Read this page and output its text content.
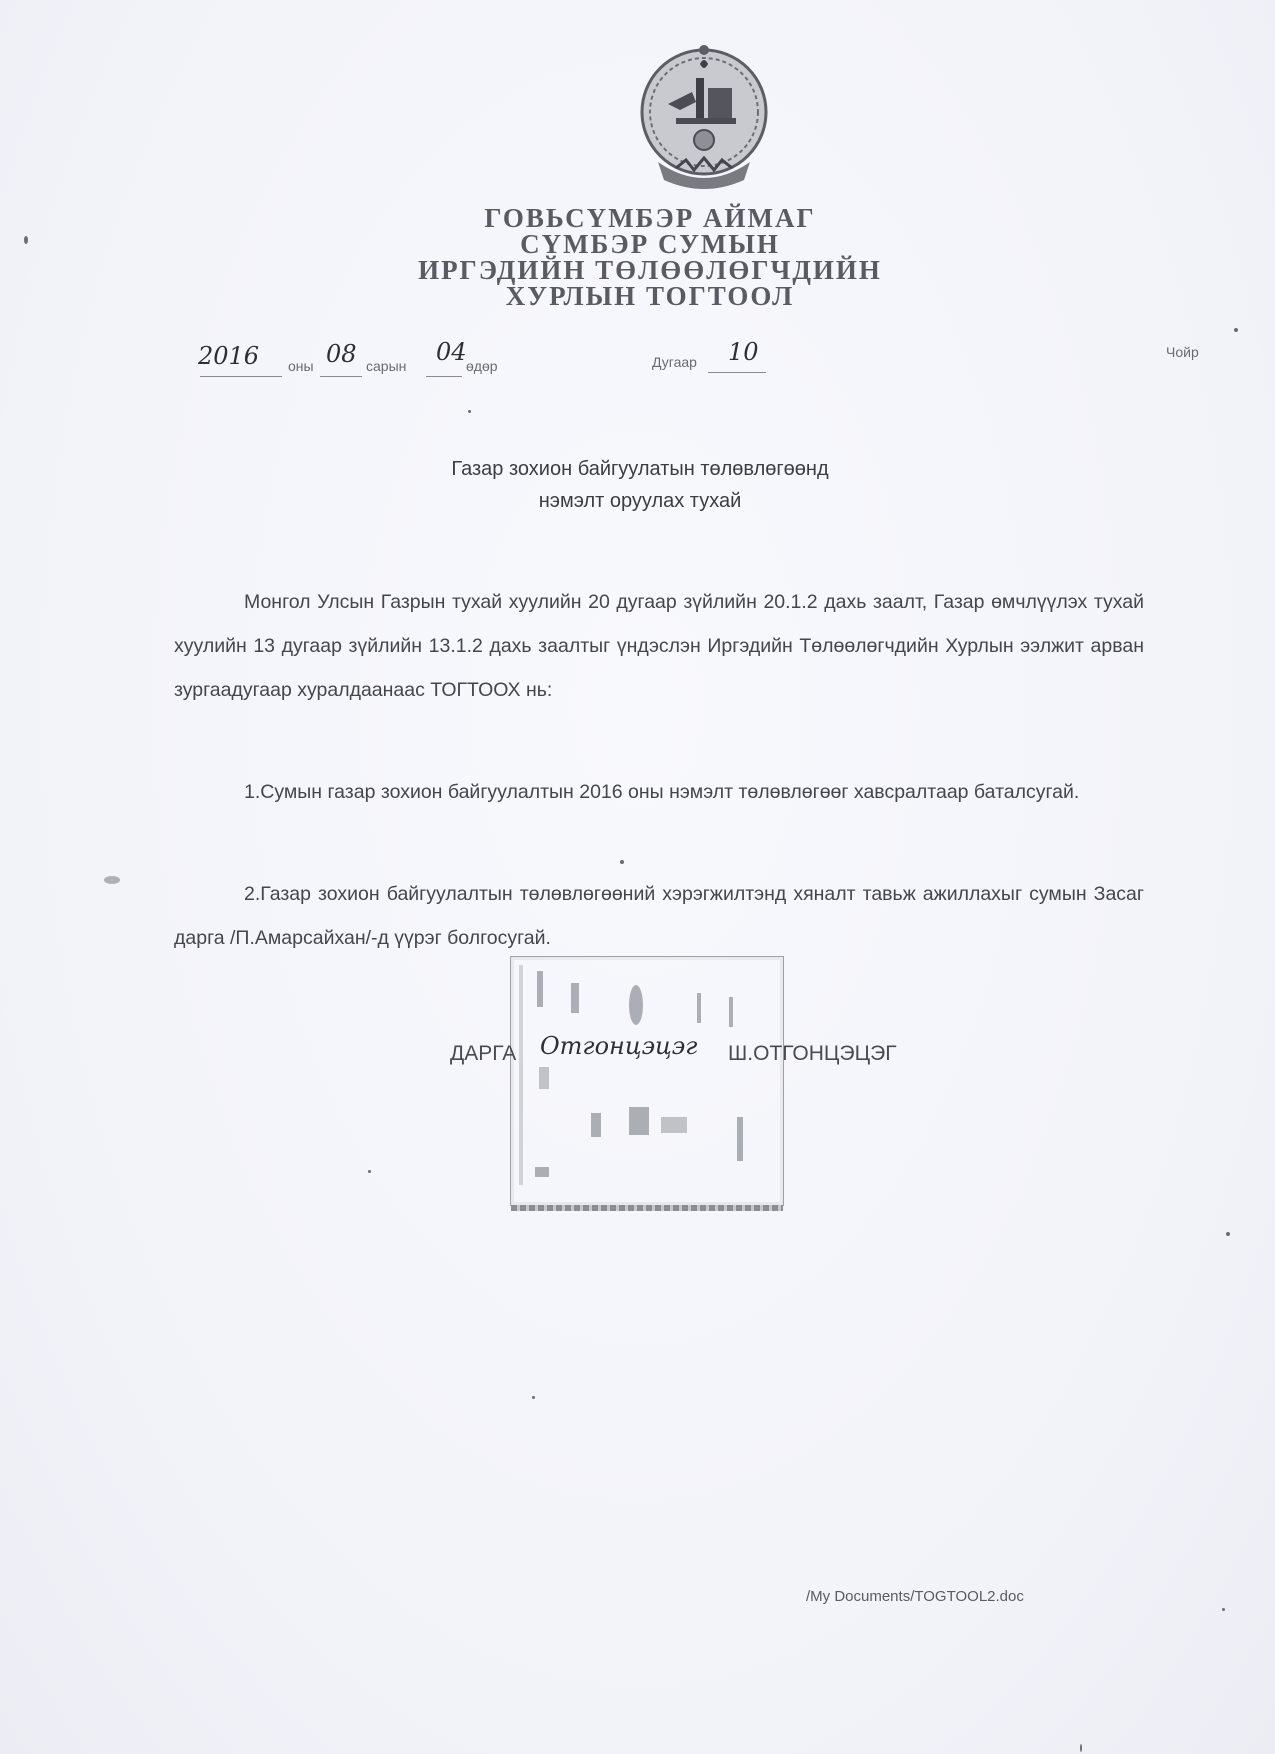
ГОВЬСҮМБЭР АЙМАГ
СҮМБЭР СУМЫН
ИРГЭДИЙН ТӨЛӨӨЛӨГЧДИЙН
ХУРЛЫН ТОГТООЛ
2016 оны 08 сарын 04 өдөр	Дугаар 10	Чойр
Газар зохион байгуулатын төлөвлөгөөнд
нэмэлт оруулах тухай
Монгол Улсын Газрын тухай хуулийн 20 дугаар зүйлийн 20.1.2 дахь заалт, Газар өмчлүүлэх тухай хуулийн 13 дугаар зүйлийн 13.1.2 дахь заалтыг үндэслэн Иргэдийн Төлөөлөгчдийн Хурлын ээлжит арван зургаадугаар хуралдаанаас ТОГТООХ нь:
1.Сумын газар зохион байгуулалтын 2016 оны нэмэлт төлөвлөгөөг хавсралтаар баталсугай.
2.Газар зохион байгуулалтын төлөвлөгөөний хэрэгжилтэнд хяналт тавьж ажиллахыг сумын Засаг дарга /П.Амарсайхан/-д үүрэг болгосугай.
ДАРГА Отгонцэцэг Ш.ОТГОНЦЭЦЭГ
/My Documents/TOGTOOL2.doc
